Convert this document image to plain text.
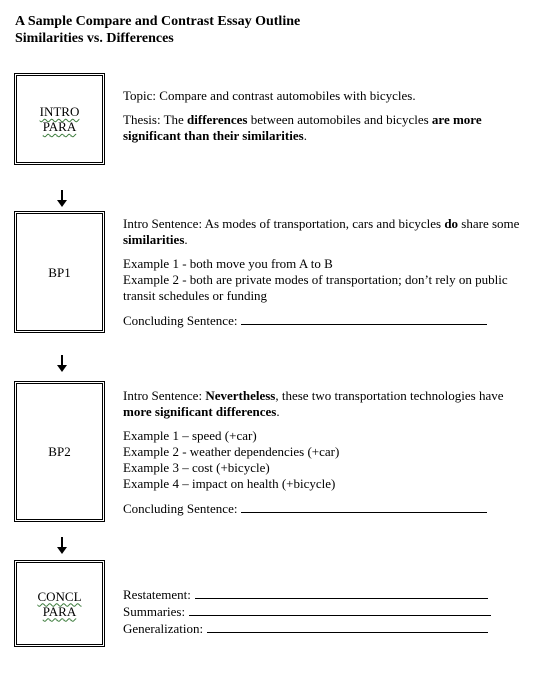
A Sample Compare and Contrast Essay Outline
Similarities vs. Differences
INTRO
PARA

Topic: Compare and contrast automobiles with bicycles.

Thesis: The differences between automobiles and bicycles are more significant than their similarities.

BP1

Intro Sentence: As modes of transportation, cars and bicycles do share some similarities.

Example 1 - both move you from A to B

Example 2 - both are private modes of transportation; don’t rely on public transit schedules or funding

Concluding Sentence:
BP2

Intro Sentence: Nevertheless, these two transportation technologies have more significant differences.

Example 1 – speed (+car)

Example 2 - weather dependencies (+car)

Example 3 – cost (+bicycle)

Example 4 – impact on health (+bicycle)

Concluding Sentence:
CONCL
PARA
Restatement:
Summaries:
Generalization:
